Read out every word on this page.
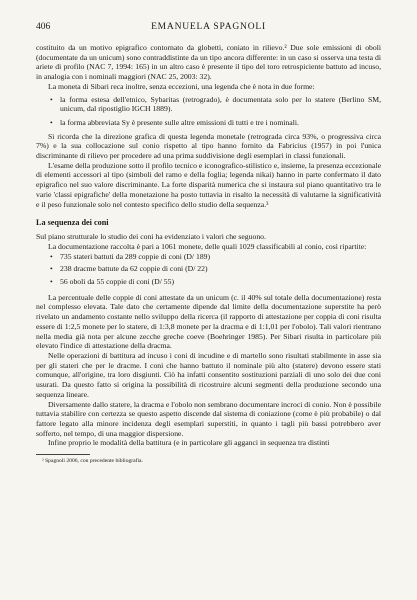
406	EMANUELA SPAGNOLI

costituito da un motivo epigrafico contornato da globetti, coniato in rilievo.² Due sole emissioni di oboli (documentate da un unicum) sono contraddistinte da un tipo ancora differente: in un caso si osserva una testa di ariete di profilo (NAC 7, 1994: 165) in un altro caso è presente il tipo del toro retrospiciente battuto ad incuso, in analogia con i nominali maggiori (NAC 25, 2003: 32).

La moneta di Sibari reca inoltre, senza eccezioni, una legenda che è nota in due forme:

• la forma estesa dell'etnico, Sybaritas (retrogrado), è documentata solo per lo statere (Berlino SM, unicum, dal ripostiglio IGCH 1889).
• la forma abbreviata Sy è presente sulle altre emissioni di tutti e tre i nominali.

Si ricorda che la direzione grafica di questa legenda monetale (retrograda circa 93%, o progressiva circa 7%) e la sua collocazione sul conio rispetto al tipo hanno fornito da Fabricius (1957) in poi l'unica discriminante di rilievo per procedere ad una prima suddivisione degli esemplari in classi funzionali.

L'esame della produzione sotto il profilo tecnico e iconografico-stilistico e, insieme, la presenza eccezionale di elementi accessori al tipo (simboli del ramo e della foglia; legenda nikai) hanno in parte confermato il dato epigrafico nel suo valore discriminante. La forte disparità numerica che si instaura sul piano quantitativo tra le varie 'classi epigrafiche' della monetazione ha posto tuttavia in risalto la necessità di valutarne la significatività e il peso funzionale solo nel contesto specifico dello studio della sequenza.³

La sequenza dei coni

Sul piano strutturale lo studio dei coni ha evidenziato i valori che seguono.

La documentazione raccolta è pari a 1061 monete, delle quali 1029 classificabili al conio, così ripartite:

• 735 stateri battuti da 289 coppie di coni (D/ 189)
• 238 dracme battute da 62 coppie di coni (D/ 22)
• 56 oboli da 55 coppie di coni (D/ 55)

La percentuale delle coppie di coni attestate da un unicum (c. il 40% sul totale della documentazione) resta nel complesso elevata. Tale dato che certamente dipende dal limite della documentazione superstite ha però rivelato un andamento costante nello sviluppo della ricerca (il rapporto di attestazione per coppia di coni risulta essere di 1:2,5 monete per lo statere, di 1:3,8 monete per la dracma e di 1:1,01 per l'obolo). Tali valori rientrano nella media già nota per alcune zecche greche coeve (Boehringer 1985). Per Sibari risulta in particolare più elevato l'indice di attestazione della dracma.

Nelle operazioni di battitura ad incuso i coni di incudine e di martello sono risultati stabilmente in asse sia per gli stateri che per le dracme. I coni che hanno battuto il nominale più alto (statere) devono essere stati comunque, all'origine, tra loro disgiunti. Ciò ha infatti consentito sostituzioni parziali di uno solo dei due coni usurati. Da questo fatto si origina la possibilità di ricostruire alcuni segmenti della produzione secondo una sequenza lineare.

Diversamente dallo statere, la dracma e l'obolo non sembrano documentare incroci di conio. Non è possibile tuttavia stabilire con certezza se questo aspetto discende dal sistema di coniazione (come è più probabile) o dal fattore legato alla minore incidenza degli esemplari superstiti, in quanto i tagli più bassi potrebbero aver sofferto, nel tempo, di una maggior dispersione.

Infine proprio le modalità della battitura (e in particolare gli agganci in sequenza tra distinti

² Spagnoli 2006, con precedente bibliografia.
